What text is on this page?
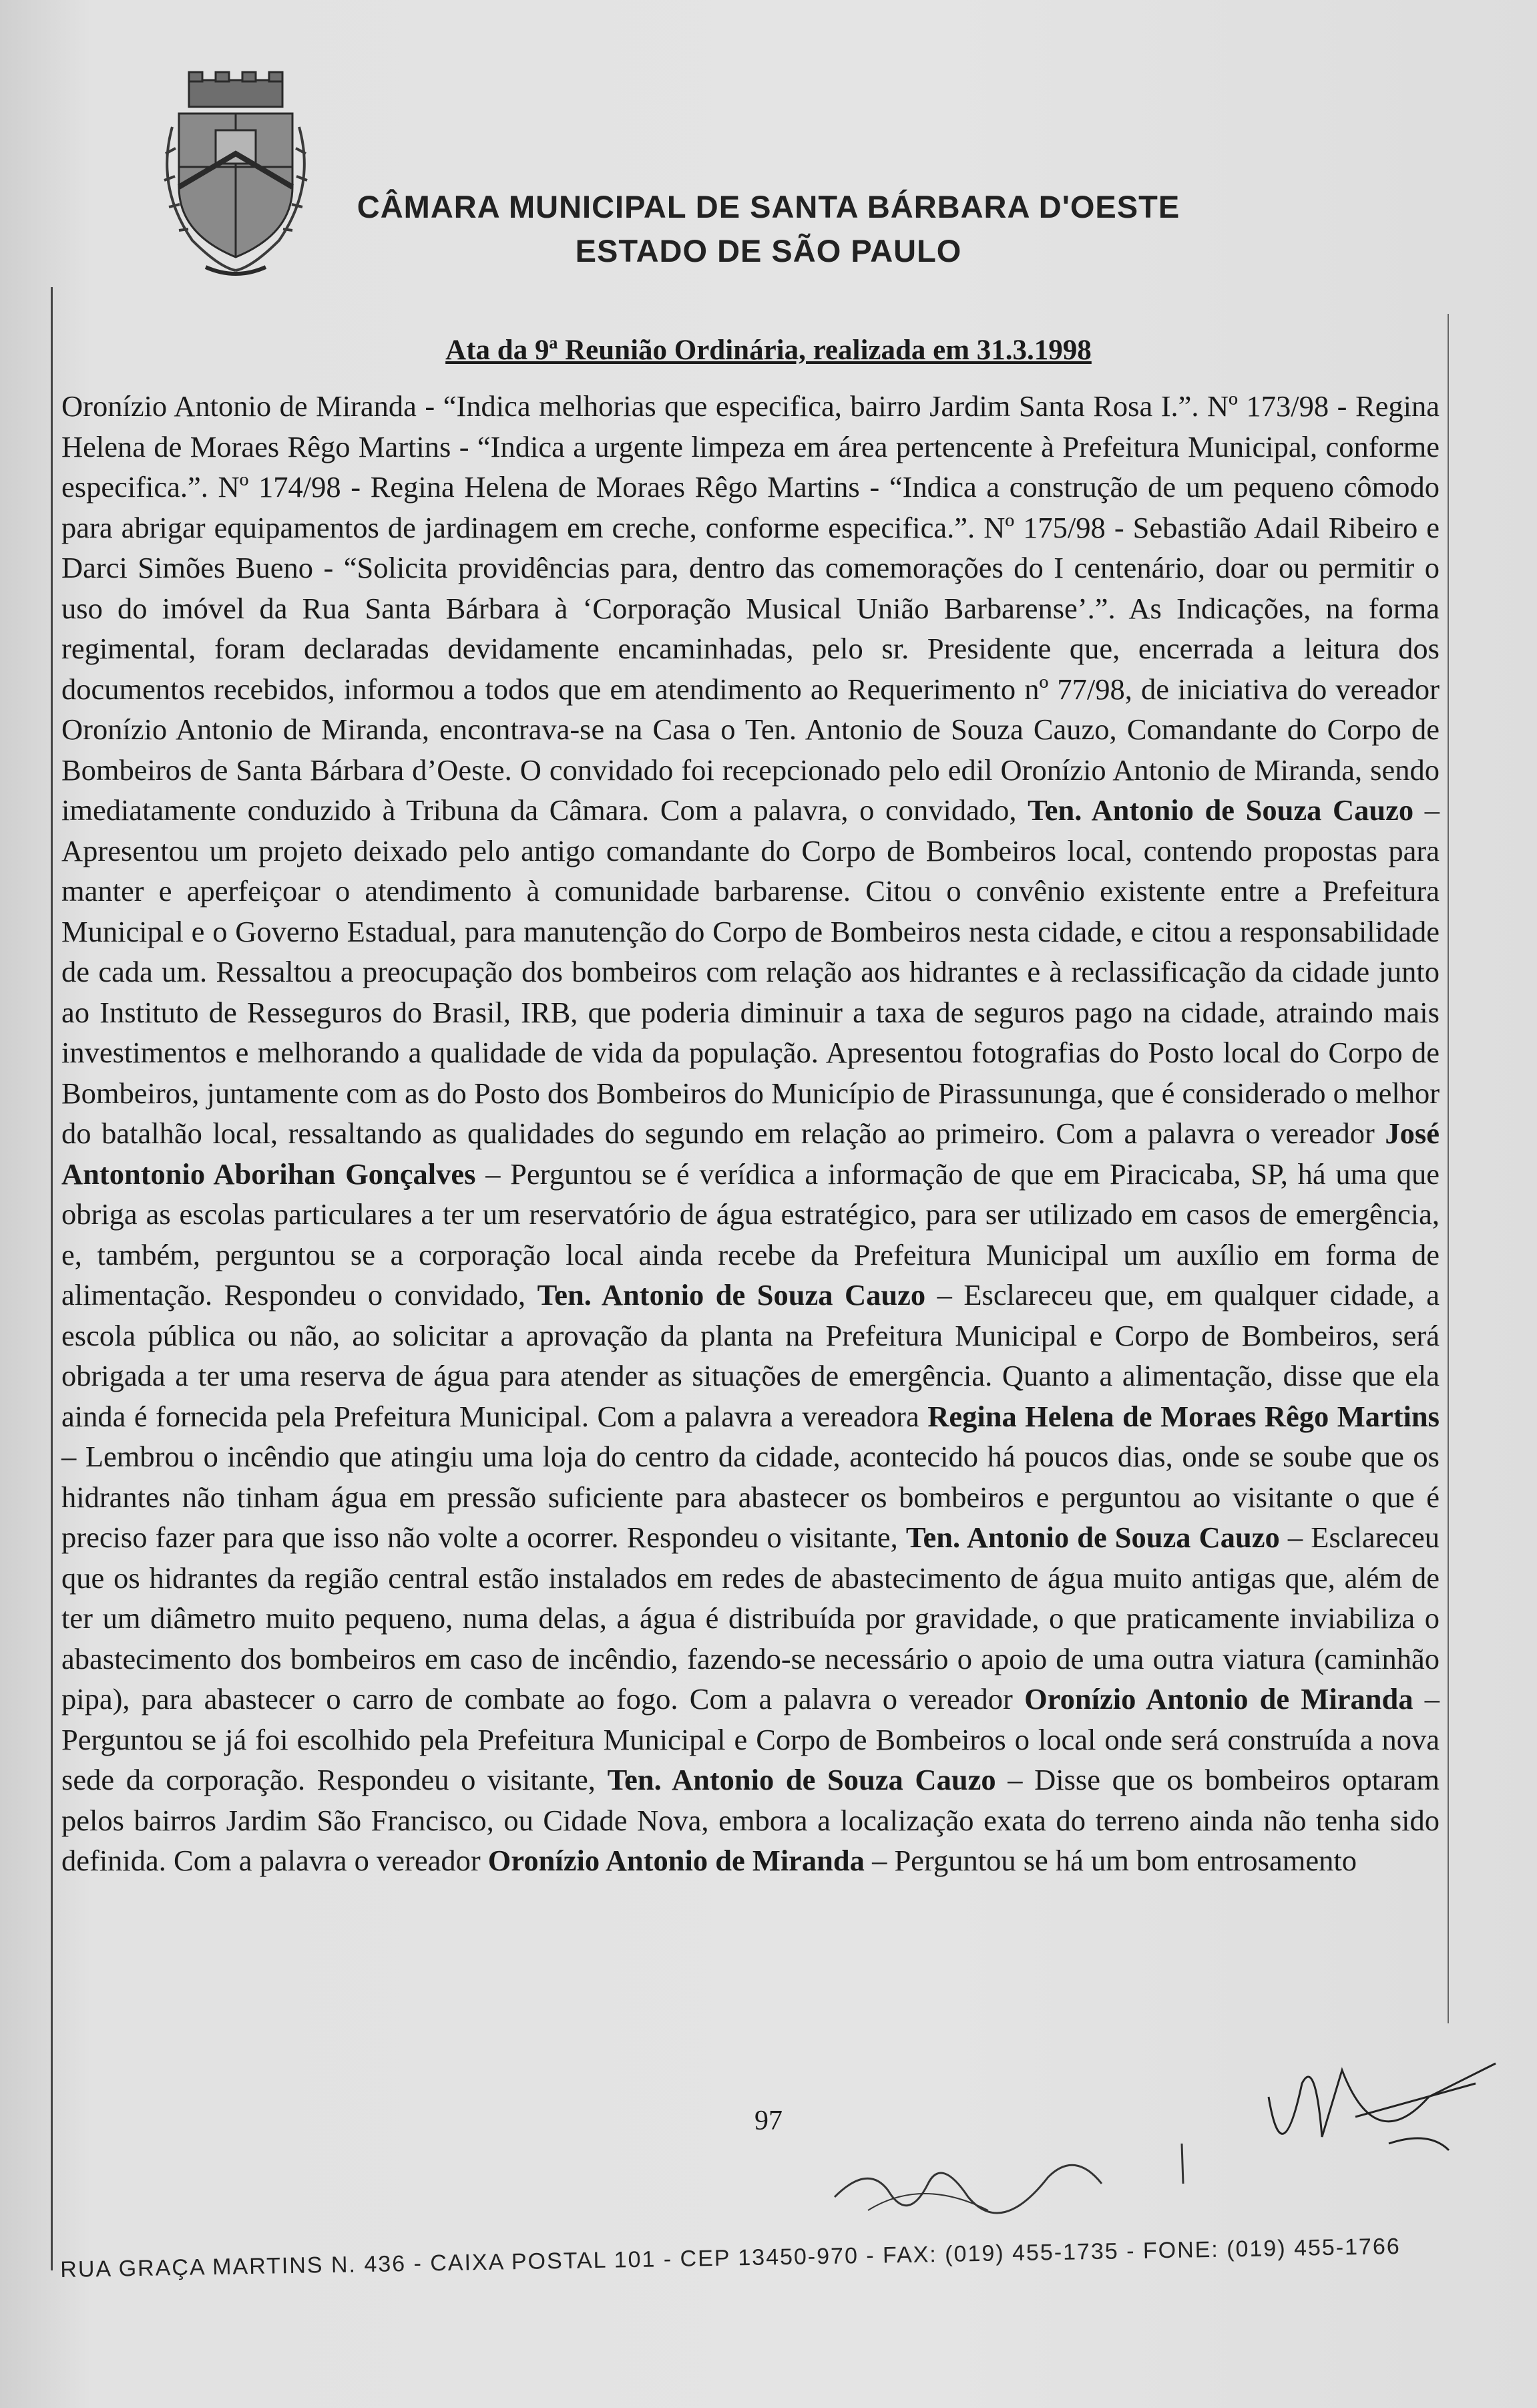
CÂMARA MUNICIPAL DE SANTA BÁRBARA D'OESTE
ESTADO DE SÃO PAULO
Ata da 9ª Reunião Ordinária, realizada em 31.3.1998
Oronízio Antonio de Miranda - “Indica melhorias que especifica, bairro Jardim Santa Rosa I.”. Nº 173/98 - Regina Helena de Moraes Rêgo Martins - “Indica a urgente limpeza em área pertencente à Prefeitura Municipal, conforme especifica.”. Nº 174/98 - Regina Helena de Moraes Rêgo Martins - “Indica a construção de um pequeno cômodo para abrigar equipamentos de jardinagem em creche, conforme especifica.”. Nº 175/98 - Sebastião Adail Ribeiro e Darci Simões Bueno - “Solicita providências para, dentro das comemorações do I centenário, doar ou permitir o uso do imóvel da Rua Santa Bárbara à ‘Corporação Musical União Barbarense’.”. As Indicações, na forma regimental, foram declaradas devidamente encaminhadas, pelo sr. Presidente que, encerrada a leitura dos documentos recebidos, informou a todos que em atendimento ao Requerimento nº 77/98, de iniciativa do vereador Oronízio Antonio de Miranda, encontrava-se na Casa o Ten. Antonio de Souza Cauzo, Comandante do Corpo de Bombeiros de Santa Bárbara d’Oeste. O convidado foi recepcionado pelo edil Oronízio Antonio de Miranda, sendo imediatamente conduzido à Tribuna da Câmara. Com a palavra, o convidado, Ten. Antonio de Souza Cauzo – Apresentou um projeto deixado pelo antigo comandante do Corpo de Bombeiros local, contendo propostas para manter e aperfeiçoar o atendimento à comunidade barbarense. Citou o convênio existente entre a Prefeitura Municipal e o Governo Estadual, para manutenção do Corpo de Bombeiros nesta cidade, e citou a responsabilidade de cada um. Ressaltou a preocupação dos bombeiros com relação aos hidrantes e à reclassificação da cidade junto ao Instituto de Resseguros do Brasil, IRB, que poderia diminuir a taxa de seguros pago na cidade, atraindo mais investimentos e melhorando a qualidade de vida da população. Apresentou fotografias do Posto local do Corpo de Bombeiros, juntamente com as do Posto dos Bombeiros do Município de Pirassununga, que é considerado o melhor do batalhão local, ressaltando as qualidades do segundo em relação ao primeiro. Com a palavra o vereador José Antontonio Aborihan Gonçalves – Perguntou se é verídica a informação de que em Piracicaba, SP, há uma que obriga as escolas particulares a ter um reservatório de água estratégico, para ser utilizado em casos de emergência, e, também, perguntou se a corporação local ainda recebe da Prefeitura Municipal um auxílio em forma de alimentação. Respondeu o convidado, Ten. Antonio de Souza Cauzo – Esclareceu que, em qualquer cidade, a escola pública ou não, ao solicitar a aprovação da planta na Prefeitura Municipal e Corpo de Bombeiros, será obrigada a ter uma reserva de água para atender as situações de emergência. Quanto a alimentação, disse que ela ainda é fornecida pela Prefeitura Municipal. Com a palavra a vereadora Regina Helena de Moraes Rêgo Martins – Lembrou o incêndio que atingiu uma loja do centro da cidade, acontecido há poucos dias, onde se soube que os hidrantes não tinham água em pressão suficiente para abastecer os bombeiros e perguntou ao visitante o que é preciso fazer para que isso não volte a ocorrer. Respondeu o visitante, Ten. Antonio de Souza Cauzo – Esclareceu que os hidrantes da região central estão instalados em redes de abastecimento de água muito antigas que, além de ter um diâmetro muito pequeno, numa delas, a água é distribuída por gravidade, o que praticamente inviabiliza o abastecimento dos bombeiros em caso de incêndio, fazendo-se necessário o apoio de uma outra viatura (caminhão pipa), para abastecer o carro de combate ao fogo. Com a palavra o vereador Oronízio Antonio de Miranda – Perguntou se já foi escolhido pela Prefeitura Municipal e Corpo de Bombeiros o local onde será construída a nova sede da corporação. Respondeu o visitante, Ten. Antonio de Souza Cauzo – Disse que os bombeiros optaram pelos bairros Jardim São Francisco, ou Cidade Nova, embora a localização exata do terreno ainda não tenha sido definida. Com a palavra o vereador Oronízio Antonio de Miranda – Perguntou se há um bom entrosamento
97
RUA GRAÇA MARTINS N. 436 - CAIXA POSTAL 101 - CEP 13450-970 - FAX: (019) 455-1735 - FONE: (019) 455-1766
